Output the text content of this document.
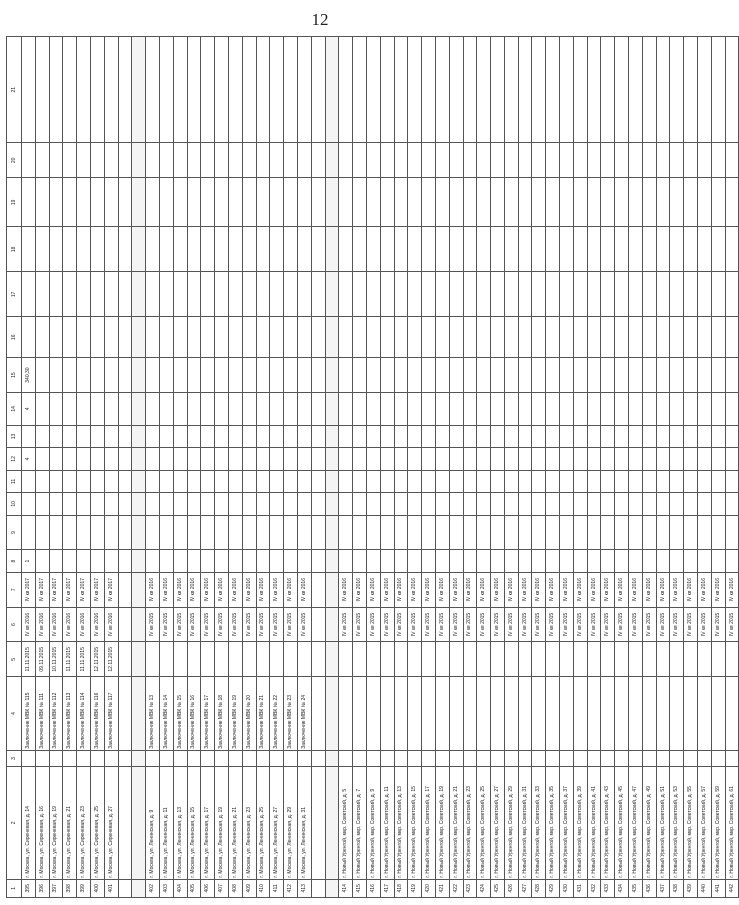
12
1	2	3	4	5	6	7	8	9	10	11	12	13	14	15	16	17	18	19	20	21
395	г. Москва, ул. Сиреневая, д. 14		Заключение МВК № 115	11.11.2015	IV кв 2016	IV кв 2017	1				4		4	340,30						
396	г. Москва, ул. Сиреневая, д. 16		Заключение МВК № 111	09.11.2015	IV кв 2016	IV кв 2017														
397	г. Москва, ул. Сиреневая, д. 19		Заключение МВК № 112	10.11.2015	IV кв 2016	IV кв 2017														
398	г. Москва, ул. Сиреневая, д. 21		Заключение МВК № 113	11.11.2015	IV кв 2016	IV кв 2017														
399	г. Москва, ул. Сиреневая, д. 23		Заключение МВК № 114	11.11.2015	IV кв 2016	IV кв 2017														
400	г. Москва, ул. Сиреневая, д. 25		Заключение МВК № 116	12.11.2015	IV кв 2016	IV кв 2017														
401	г. Москва, ул. Сиреневая, д. 27		Заключение МВК № 117	12.11.2015	IV кв 2016	IV кв 2017														

402	г. Москва, ул. Ленинская, д. 9		Заключение МВК № 13		IV кв 2015	IV кв 2016														
403	г. Москва, ул. Ленинская, д. 11		Заключение МВК № 14		IV кв 2015	IV кв 2016														
404	г. Москва, ул. Ленинская, д. 13		Заключение МВК № 15		IV кв 2015	IV кв 2016														
405	г. Москва, ул. Ленинская, д. 15		Заключение МВК № 16		IV кв 2015	IV кв 2016														
406	г. Москва, ул. Ленинская, д. 17		Заключение МВК № 17		IV кв 2015	IV кв 2016														
407	г. Москва, ул. Ленинская, д. 19		Заключение МВК № 18		IV кв 2015	IV кв 2016														
408	г. Москва, ул. Ленинская, д. 21		Заключение МВК № 19		IV кв 2015	IV кв 2016														
409	г. Москва, ул. Ленинская, д. 23		Заключение МВК № 20		IV кв 2015	IV кв 2016														
410	г. Москва, ул. Ленинская, д. 25		Заключение МВК № 21		IV кв 2015	IV кв 2016														
411	г. Москва, ул. Ленинская, д. 27		Заключение МВК № 22		IV кв 2015	IV кв 2016														
412	г. Москва, ул. Ленинская, д. 29		Заключение МВК № 23		IV кв 2015	IV кв 2016														
413	г. Москва, ул. Ленинская, д. 31		Заключение МВК № 24		IV кв 2015	IV кв 2016														

414	г. Новый Уренгой, мкр. Советский, д. 5				IV кв 2015	IV кв 2016														
415	г. Новый Уренгой, мкр. Советский, д. 7				IV кв 2015	IV кв 2016														
416	г. Новый Уренгой, мкр. Советский, д. 9				IV кв 2015	IV кв 2016														
417	г. Новый Уренгой, мкр. Советский, д. 11				IV кв 2015	IV кв 2016														
418	г. Новый Уренгой, мкр. Советский, д. 13				IV кв 2015	IV кв 2016														
419	г. Новый Уренгой, мкр. Советский, д. 15				IV кв 2015	IV кв 2016														
420	г. Новый Уренгой, мкр. Советский, д. 17				IV кв 2015	IV кв 2016														
421	г. Новый Уренгой, мкр. Советский, д. 19				IV кв 2015	IV кв 2016														
422	г. Новый Уренгой, мкр. Советский, д. 21				IV кв 2015	IV кв 2016														
423	г. Новый Уренгой, мкр. Советский, д. 23				IV кв 2015	IV кв 2016														
424	г. Новый Уренгой, мкр. Советский, д. 25				IV кв 2015	IV кв 2016														
425	г. Новый Уренгой, мкр. Советский, д. 27				IV кв 2015	IV кв 2016														
426	г. Новый Уренгой, мкр. Советский, д. 29				IV кв 2015	IV кв 2016														
427	г. Новый Уренгой, мкр. Советский, д. 31				IV кв 2015	IV кв 2016														
428	г. Новый Уренгой, мкр. Советский, д. 33				IV кв 2015	IV кв 2016														
429	г. Новый Уренгой, мкр. Советский, д. 35				IV кв 2015	IV кв 2016														
430	г. Новый Уренгой, мкр. Советский, д. 37				IV кв 2015	IV кв 2016														
431	г. Новый Уренгой, мкр. Советский, д. 39				IV кв 2015	IV кв 2016														
432	г. Новый Уренгой, мкр. Советский, д. 41				IV кв 2015	IV кв 2016														
433	г. Новый Уренгой, мкр. Советский, д. 43				IV кв 2015	IV кв 2016														
434	г. Новый Уренгой, мкр. Советский, д. 45				IV кв 2015	IV кв 2016														
435	г. Новый Уренгой, мкр. Советский, д. 47				IV кв 2015	IV кв 2016														
436	г. Новый Уренгой, мкр. Советский, д. 49				IV кв 2015	IV кв 2016														
437	г. Новый Уренгой, мкр. Советский, д. 51				IV кв 2015	IV кв 2016														
438	г. Новый Уренгой, мкр. Советский, д. 53				IV кв 2015	IV кв 2016														
439	г. Новый Уренгой, мкр. Советский, д. 55				IV кв 2015	IV кв 2016														
440	г. Новый Уренгой, мкр. Советский, д. 57				IV кв 2015	IV кв 2016														
441	г. Новый Уренгой, мкр. Советский, д. 59				IV кв 2015	IV кв 2016														
442	г. Новый Уренгой, мкр. Советский, д. 61				IV кв 2015	IV кв 2016														
